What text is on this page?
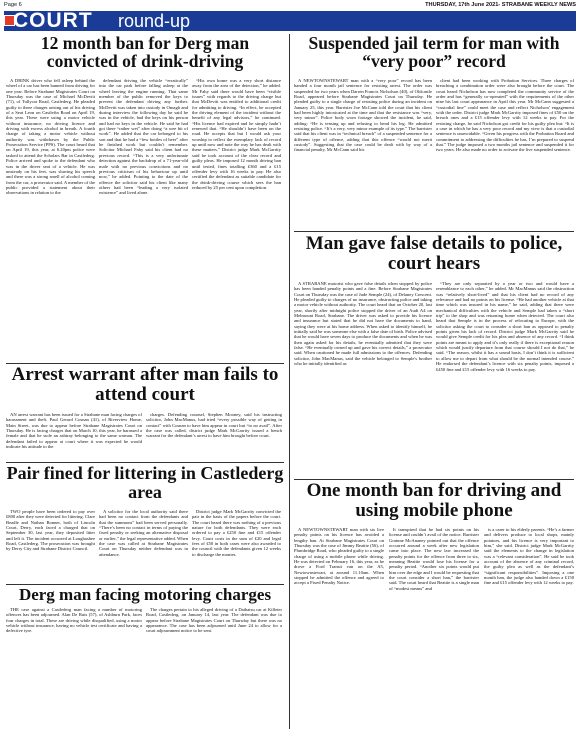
Page 6	THURSDAY, 17th June 2021- STRABANE WEEKLY NEWS
COURT round-up
12 month ban for Derg man convicted of drink-driving

A DRINK driver who fell asleep behind the wheel of a car has been banned from driving for one year. Before Strabane Magistrates Court on Thursday was the case of Michael McDevitt (71), of Tullycar Road, Castlederg. He pleaded guilty to three charges arising out of his driving of a Seat Leon on Castlefin Road on April 19, this year. These were using a motor vehicle without insurance, no driving licence and driving with excess alcohol in breath. A fourth charge of taking a motor vehicle without authority was withdrawn by the Public Prosecution Service (PPS). The court heard that on April 19, this year, at 6.20pm police were tasked to attend the Scholars Bar in Castlederg. Police arrived and spoke to the defendant who was in the driver seat of a vehicle. He was unsteady on his feet, was slurring his speech and there was a strong smell of alcohol coming from the car, a prosecutor said. A member of the public provided a statement about their observations in relation to the

defendant driving the vehicle “erratically” into the car park before falling asleep at the wheel leaving the engine running. That same member of the public removed the keys to prevent the defendant driving any further. McDevitt was taken into custody in Omagh and during interview the following day he said he was in the vehicle, had the keys on his person and had no keys in the vehicle. He said he had got there “rather wet” after doing “a wee bit of work”. He added that the car belonged to his son and that he had a “few bottles of beer” after he finished work but couldn’t remember. Solicitor Michael Fahy said his client had no previous record. “This is a very unfortunate detection against the backdrop of a 71-year-old male with no previous convictions and no previous criticism of his behaviour up until now,” he added. Pointing to the date of the offence the solicitor said his client like many others had been “leading a very isolated existence” and lived alone.

“His own home was a very short distance away from the area of the detection,” he added. Mr Fahy said there would have been “visible issues” with regards to the driving charge but that McDevitt was entitled to additional credit for admitting to driving. “In effect, he accepted the driving element of the incident without the benefit of any legal advisors,” he continued. “His licence had expired and he simply hadn’t renewed that. “He shouldn’t have been on the road. He accepts that but I would ask your worship to reflect the exemplary lack of record up until now and note the way he has dealt with these matters.” District judge Mark McGarrity said he took account of the clear record and guilty pleas. He imposed 12 month driving ban until tested, fines totalling £360 and a £15 offender levy with 16 weeks to pay. He also certified the defendant as suitable candidate for the drink-driving course which sees the ban reduced by 25 per cent upon completion.

Suspended jail term for man with “very poor” record

A NEWTOWNSTEWART man with a “very poor” record has been handed a four month jail sentence for resisting arrest. The order was suspended for two years when Darren Francis Nicholson (40), of Oldcastle Road, appeared before Strabane Magistrates Court on Thursday. He pleaded guilty to a single charge of resisting police during an incident on January 25, this year. Barrister Joe McCann told the court that his client had been highly intoxicated at the time and that the resistance was “very, very minor”. Police body worn footage showed the incident, he said, adding: “He is tensing up and refusing to bend his leg. He admitted resisting police. “It’s a very, very minor example of its type.” The barrister said that his client was in “technical breach” of a suspended sentence for a different type of offence, adding that this offence “would not merit custody”. Suggesting that the case could be dealt with by way of a financial penalty, Mr McCann said his

client had been working with Probation Services. Three charges of breaching a combination order were also brought before the court. The court heard Nicholson has now completed the community service of the order and has “generally co-operated” with the requirements of the other nine his last court appearance in April this year. Mr McCann suggested a “custodial fine” could meet the case and reflect Nicholson’ engagement with the order. District judge Mark McGarrity imposed fines of £50 on the breach ones and a £15 offender levy with 12 weeks to pay. For the resisting charge, he said Nicholson got credit for his guilty plea but: “It is a case in which he has a very poor record and my view is that a custodial sentence is unavoidable. “Given his progress with the Probation Board and commitment to addressing the difficulties he has, I’m prepared to suspend that.” The judge imposed a two months jail sentence and suspended it for two years. He also made no order to activate the live suspended sentence.

Man gave false details to police, court hears

A STRABANE motorist who gave false details when stopped by police has been handed penalty points and a fine. Before Strabane Magistrates Court on Thursday was the case of Jude Semple (24), of Delaney Crescent. He pleaded guilty to charges of no insurance, obstructing police and taking a motor vehicle without authority. The court heard that on October 20, last year, shortly after midnight police stopped the driver of an Audi A4 on Melmount Road, Strabane. The driver was asked to provide his licence and insurance but stated that he did not have the documents to hand, saying they were at his home address. When asked to identify himself, he initially said he was someone else with a false date of birth. Police advised that he would have seven days to produce the documents and when he was then again asked for his details, he eventually admitted that they were false. “He eventually owned up and gave his correct details,” a prosecutor said. When cautioned he made full admissions to the offences. Defending solicitor, John MacManus, said the vehicle belonged to Semple's brother who he initially identified as

“They are only separated by a year or two and would have a resemblance to each other,” he added. Mr MacManus said the obstruction was “relatively short-lived” and that his client had no record of any relevance and had no points on his license. “He had another vehicle at that time which was insured in his name,” he said, adding that there were mechanical difficulties with the vehicle and Semple had taken a “short trip” to the shop and was returning home when detected. The court also heard that Semple is in the process of relocating to Europe, with the solicitor asking the court to consider a short ban as opposed to penalty points given his lack of record. District judge Mark McGarrity said he would give Semple credit for his plea and absence of any record. “I think points are meant to apply and it’s only really if there is exceptional reason which would justify departure from that course should I not do that,” he said. “The reason, whilst it has a sound basis, I don’t think it is sufficient to allow me to depart from what should be the normal intended course.” He endorsed the defendant’s licence with six penalty points, imposed a £450 fine and £15 offender levy with 16 weeks to pay.

Arrest warrant after man fails to attend court

AN arrest warrant has been issued for a Strabane man facing charges of harassment and theft. Paul Gerard Cosnan (41), of Riverview Home, Main Street, was due to appear before Strabane Magistrates Court on Thursday. He is facing charges that on March 10, this year, he harassed a female and that he stole an ashtray belonging to the same woman. The defendant failed to appear at court where it was expected he would indicate his attitude to the

charges. Defending counsel, Stephen Mooney, said his instructing solicitor, John MacManus, had tried “every possible way of getting in contact” with Cosnan to have him appear in court but “to no avail”. After the case was called, district judge Mark McGarrity issued a bench warrant for the defendant’s arrest to have him brought before court.

Pair fined for littering in Castlederg area

TWO people have been ordered to pay over £800 after they were detected for littering. Clare Beadle and Nathan Bonner, both of Lincoln Court, Derry, each faced a charged that on September 30, last year, they deposited litter and left it. The incident occurred at Loughashee Road, Castlederg. The prosecution was brought by Derry City and Strabane District Council.

A solicitor for the local authority said there had been no contact from the defendants and that the summons” had been served personally. “There’s been no contact in terms of paying the fixed penalty or seeking an alternative disposal or earlier,” the legal representative added. When the case was called at Strabane Magistrates Court on Thursday neither defendant was in attendance.

District judge Mark McGarrity convicted the pair in the basis of the papers before the court. The court heard there was nothing of a previous nature for both defendants. They were each ordered to pay a £250 fine and £15 offender levy. Court costs in the sum of £20 and legal fees of £50 in both cases were also awarded to the council with the defendants given 12 weeks to discharge the monies.

One month ban for driving and using mobile phone

A NEWTOWNSTEWART man with six live penalty points on his licence has avoided a lengthy ban. At Strabane Magistrates Court on Thursday was the case of Jimmy Beattie (56), of Plumbridge Road, who pleaded guilty to a single charge of using a mobile phone while driving. He was detected on February 16, this year, as he drove a Ford Transit van on the A5, Newtownstewart, at around 11.10am. When stopped he admitted the offence and agreed to accept a Fixed Penalty Notice.

It transpired that he had six points on his license and couldn’t avail of the notice. Barrister Grainne McAnaney pointed out that the offence occurred around a week after new legislation came into place. The new law increased the penalty points for the offence from three to six, meaning Beattie would lose his license for a penalty period. “Another six points would put him over the edge and I would be requesting that the court consider a short ban,” the barrister said. The court heard that Beattie is a single man of “modest means” and

is a carer to his elderly parents. “He’s a farmer and delivers produce to local shops, mainly potatoes, and his licence is very important to him,” she said. District judge Mark McGarrity said the elements to the change in legislation was a “relevant consideration”. He said he took account of the absence of any criminal record, the guilty plea as well as the defendant’s “significant responsibilities”. Imposing a one month ban, the judge also handed down a £150 fine and £15 offender levy with 12 weeks to pay.

Derg man facing motoring charges

THE case against a Castlederg man facing a number of motoring offences has been adjourned. Alan De Ruis (57), of Ashburn Park, faces four charges in total. These are driving while disqualified, using a motor vehicle without insurance, having no vehicle test certificate and having a defective tyre.

The charges pertain to his alleged driving of a Daihatsu car at Killeter Road, Castlederg, on January 14, last year. The defendant was due to appear before Strabane Magistrates Court on Thursday but there was no appearance. The case has been adjourned until June 24 to allow for a court adjournment notice to be sent.
